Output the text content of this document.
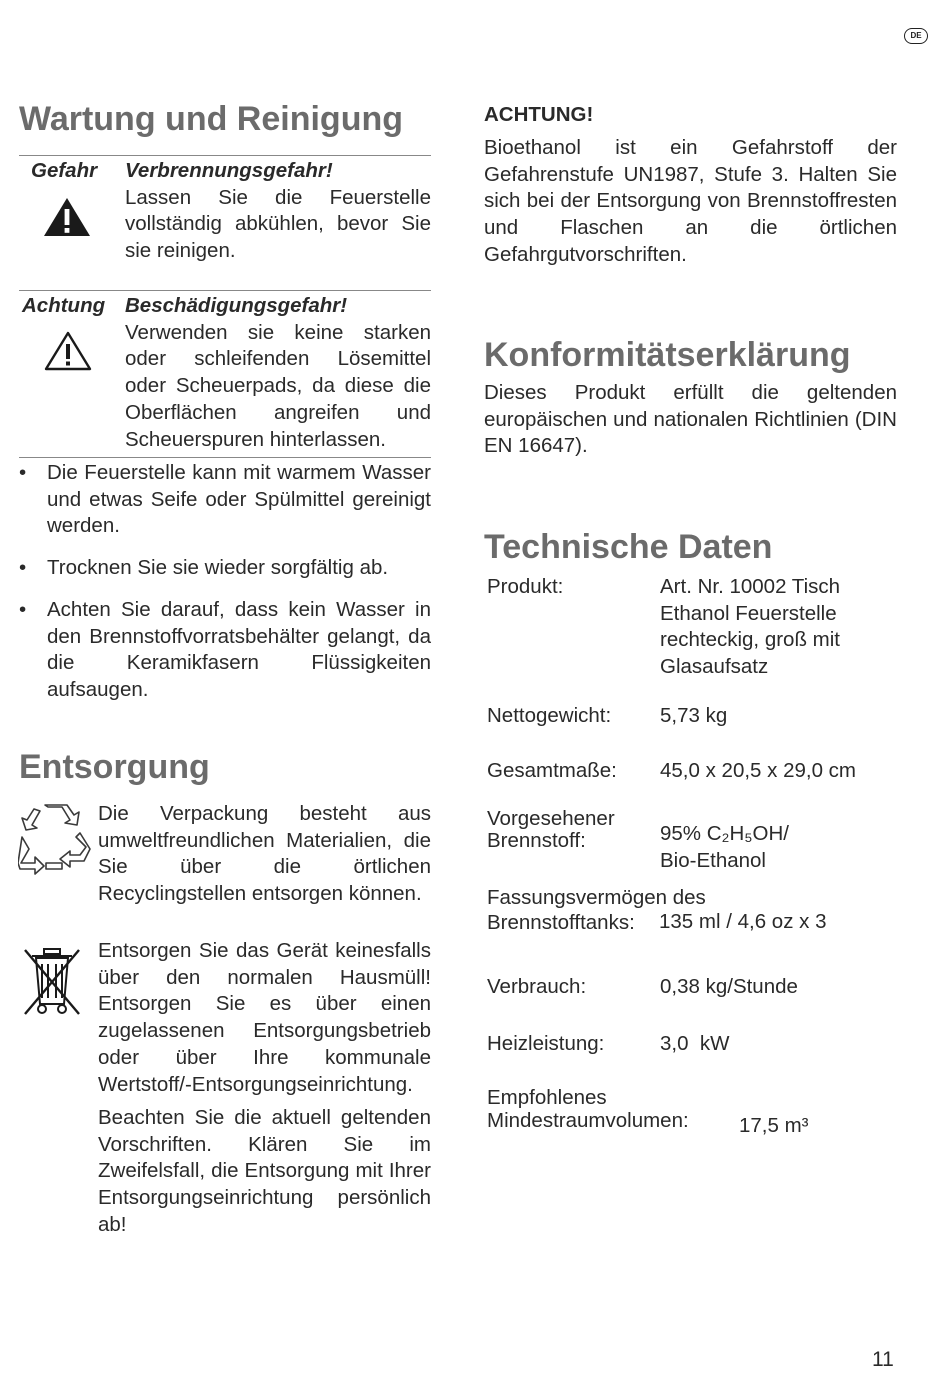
DE
Wartung und Reinigung
Gefahr Verbrennungsgefahr!
Lassen Sie die Feuerstelle vollständig abkühlen, bevor Sie sie reinigen.
Achtung Beschädigungsgefahr!
Verwenden sie keine starken oder schleifenden Lösemittel oder Scheuerpads, da diese die Oberflächen angreifen und Scheuerspuren hinterlassen.
• Die Feuerstelle kann mit warmem Wasser und etwas Seife oder Spülmittel gereinigt werden.
• Trocknen Sie sie wieder sorgfältig ab.
• Achten Sie darauf, dass kein Wasser in den Brennstoffvorratsbehälter gelangt, da die Keramikfasern Flüssigkeiten aufsaugen.
Entsorgung
Die Verpackung besteht aus umweltfreundlichen Materialien, die Sie über die örtlichen Recyclingstellen entsorgen können.
Entsorgen Sie das Gerät keinesfalls über den normalen Hausmüll! Entsorgen Sie es über einen zugelassenen Entsorgungsbetrieb oder über Ihre kommunale Wertstoff/-Entsorgungseinrichtung.
Beachten Sie die aktuell geltenden Vorschriften. Klären Sie im Zweifelsfall, die Entsorgung mit Ihrer Entsorgungseinrichtung persönlich ab!
ACHTUNG!
Bioethanol ist ein Gefahrstoff der Gefahrenstufe UN1987, Stufe 3. Halten Sie sich bei der Entsorgung von Brennstoffresten und Flaschen an die örtlichen Gefahrgutvorschriften.
Konformitätserklärung
Dieses Produkt erfüllt die geltenden europäischen und nationalen Richtlinien (DIN EN 16647).
Technische Daten
Produkt:	Art. Nr. 10002 Tisch Ethanol Feuerstelle rechteckig, groß mit Glasaufsatz
Nettogewicht: 5,73 kg
Gesamtmaße: 45,0 x 20,5 x 29,0 cm
Vorgesehener
Brennstoff:	95% C₂H₅OH/
Bio-Ethanol
Fassungsvermögen des
Brennstofftanks:	135 ml / 4,6 oz x 3
Verbrauch:	0,38 kg/Stunde
Heizleistung:	3,0  kW
Empfohlenes
Mindestraumvolumen: 17,5 m³
11
